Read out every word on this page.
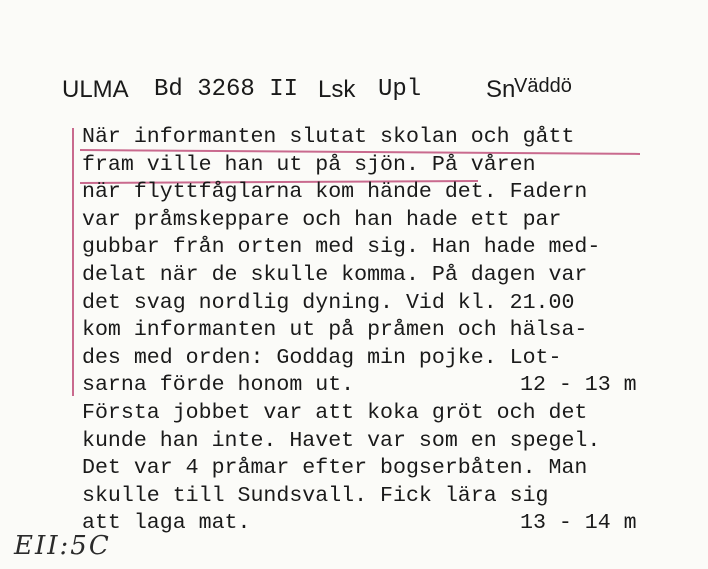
ULMA Bd 3268 II Lsk Upl	Sn
Väddö
När informanten slutat skolan och gått
fram ville han ut på sjön. På våren
när flyttfåglarna kom hände det. Fadern
var pråmskeppare och han hade ett par
gubbar från orten med sig. Han hade med-
delat när de skulle komma. På dagen var
det svag nordlig dyning. Vid kl. 21.00
kom informanten ut på pråmen och hälsa-
des med orden: Goddag min pojke. Lot-
sarna förde honom ut.	12 - 13 m
Första jobbet var att koka gröt och det
kunde han inte. Havet var som en spegel.
Det var 4 pråmar efter bogserbåten. Man
skulle till Sundsvall. Fick lära sig
att laga mat.	13 - 14 m
EII:5C
